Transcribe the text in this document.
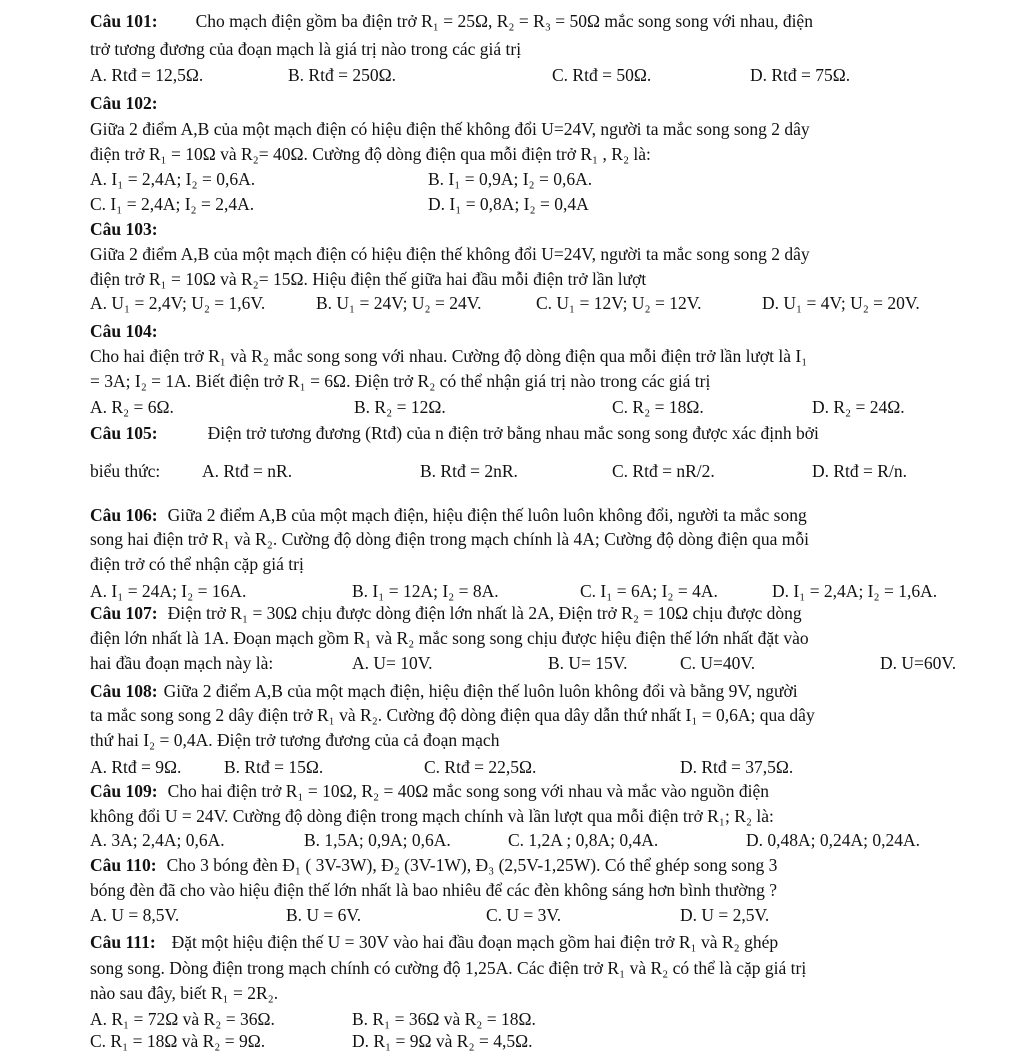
Câu 101: Cho mạch điện gồm ba điện trở R₁ = 25Ω, R₂ = R₃ = 50Ω mắc song song với nhau, điện
trở tương đương của đoạn mạch là giá trị nào trong các giá trị
A. Rtđ = 12,5Ω.	B. Rtđ = 250Ω.	C. Rtđ = 50Ω.	D. Rtđ = 75Ω.
Câu 102:
Giữa 2 điểm A,B của một mạch điện có hiệu điện thế không đổi U=24V, người ta mắc song song 2 dây
điện trở R₁ = 10Ω và R₂= 40Ω. Cường độ dòng điện qua mỗi điện trở R₁ , R₂ là:
A. I₁ = 2,4A; I₂ = 0,6A.	B. I₁ = 0,9A; I₂ = 0,6A.
C. I₁ = 2,4A; I₂ = 2,4A.	D. I₁ = 0,8A; I₂ = 0,4A
Câu 103:
Giữa 2 điểm A,B của một mạch điện có hiệu điện thế không đổi U=24V, người ta mắc song song 2 dây
điện trở R₁ = 10Ω và R₂= 15Ω. Hiệu điện thế giữa hai đầu mỗi điện trở lần lượt
A. U₁ = 2,4V; U₂ = 1,6V.	B. U₁ = 24V; U₂ = 24V.	C. U₁ = 12V; U₂ = 12V.	D. U₁ = 4V; U₂ = 20V.
Câu 104:
Cho hai điện trở R₁ và R₂ mắc song song với nhau. Cường độ dòng điện qua mỗi điện trở lần lượt là I₁
= 3A; I₂ = 1A. Biết điện trở R₁ = 6Ω. Điện trở R₂ có thể nhận giá trị nào trong các giá trị
A. R₂ = 6Ω.	B. R₂ = 12Ω.	C. R₂ = 18Ω.	D. R₂ = 24Ω.
Câu 105:	Điện trở tương đương (Rtđ) của n điện trở bằng nhau mắc song song được xác định bởi
biểu thức: A. Rtđ = nR.	B. Rtđ = 2nR.	C. Rtđ = nR/2.	D. Rtđ = R/n.
Câu 106: Giữa 2 điểm A,B của một mạch điện, hiệu điện thế luôn luôn không đổi, người ta mắc song
song hai điện trở R₁ và R₂. Cường độ dòng điện trong mạch chính là 4A; Cường độ dòng điện qua mỗi
điện trở có thể nhận cặp giá trị
A. I₁ = 24A; I₂ = 16A.	B. I₁ = 12A; I₂ = 8A.	C. I₁ = 6A; I₂ = 4A.	D. I₁ = 2,4A; I₂ = 1,6A.
Câu 107: Điện trở R₁ = 30Ω chịu được dòng điện lớn nhất là 2A, Điện trở R₂ = 10Ω chịu được dòng
điện lớn nhất là 1A. Đoạn mạch gồm R₁ và R₂ mắc song song chịu được hiệu điện thế lớn nhất đặt vào
hai đầu đoạn mạch này là:	A. U= 10V.	B. U= 15V.	C. U=40V.	D. U=60V.
Câu 108: Giữa 2 điểm A,B của một mạch điện, hiệu điện thế luôn luôn không đổi và bằng 9V, người
ta mắc song song 2 dây điện trở R₁ và R₂. Cường độ dòng điện qua dây dẫn thứ nhất I₁ = 0,6A; qua dây
thứ hai I₂ = 0,4A. Điện trở tương đương của cả đoạn mạch
A. Rtđ = 9Ω. B. Rtđ = 15Ω.	C. Rtđ = 22,5Ω.	D. Rtđ = 37,5Ω.
Câu 109: Cho hai điện trở R₁ = 10Ω, R₂ = 40Ω mắc song song với nhau và mắc vào nguồn điện
không đổi U = 24V. Cường độ dòng điện trong mạch chính và lần lượt qua mỗi điện trở R₁; R₂ là:
A. 3A; 2,4A; 0,6A.	B. 1,5A; 0,9A; 0,6A.	C. 1,2A ; 0,8A; 0,4A.	D. 0,48A; 0,24A; 0,24A.
Câu 110: Cho 3 bóng đèn Đ₁ ( 3V-3W), Đ₂ (3V-1W), Đ₃ (2,5V-1,25W). Có thể ghép song song 3
bóng đèn đã cho vào hiệu điện thế lớn nhất là bao nhiêu để các đèn không sáng hơn bình thường ?
A. U = 8,5V.	B. U = 6V.	C. U = 3V.	D. U = 2,5V.
Câu 111: Đặt một hiệu điện thế U = 30V vào hai đầu đoạn mạch gồm hai điện trở R₁ và R₂ ghép
song song. Dòng điện trong mạch chính có cường độ 1,25A. Các điện trở R₁ và R₂ có thể là cặp giá trị
nào sau đây, biết R₁ = 2R₂.
A. R₁ = 72Ω và R₂ = 36Ω.	B. R₁ = 36Ω và R₂ = 18Ω.
C. R₁ = 18Ω và R₂ = 9Ω.	D. R₁ = 9Ω và R₂ = 4,5Ω.
